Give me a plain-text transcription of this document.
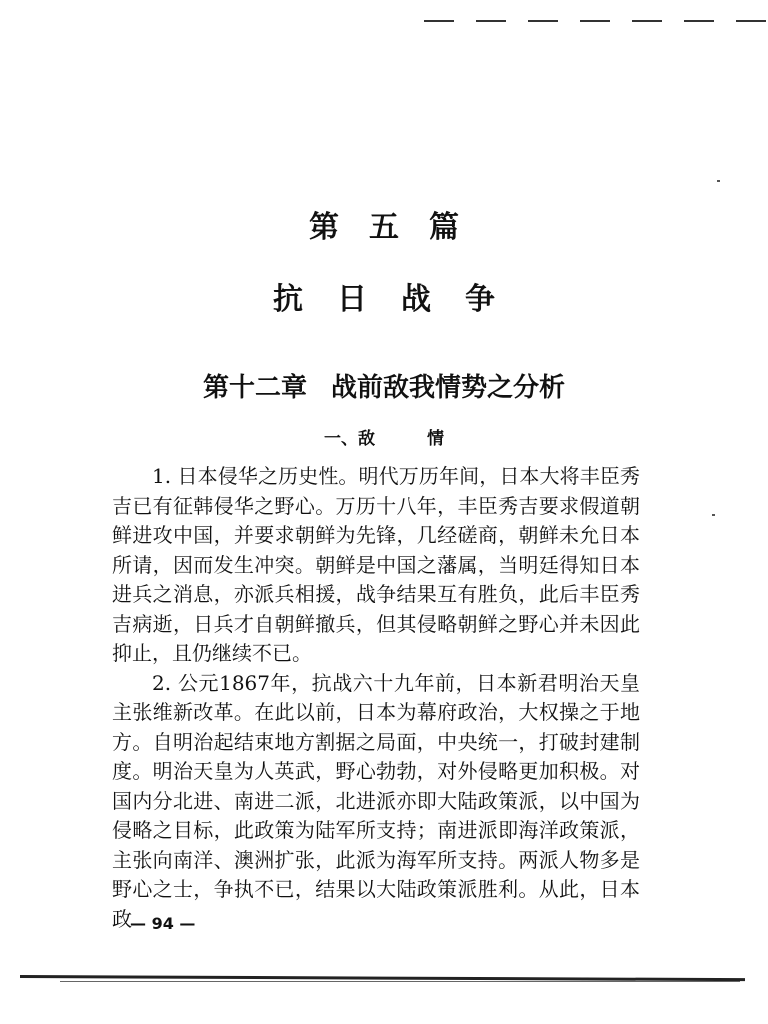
第五篇
抗日战争
第十二章 战前敌我情势之分析
一、敌	情

1. 日本侵华之历史性。明代万历年间，日本大将丰臣秀吉已有征韩侵华之野心。万历十八年，丰臣秀吉要求假道朝鲜进攻中国，并要求朝鲜为先锋，几经磋商，朝鲜未允日本所请，因而发生冲突。朝鲜是中国之藩属，当明廷得知日本进兵之消息，亦派兵相援，战争结果互有胜负，此后丰臣秀吉病逝，日兵才自朝鲜撤兵，但其侵略朝鲜之野心并未因此抑止，且仍继续不已。

2. 公元1867年，抗战六十九年前，日本新君明治天皇主张维新改革。在此以前，日本为幕府政治，大权操之于地方。自明治起结束地方割据之局面，中央统一，打破封建制度。明治天皇为人英武，野心勃勃，对外侵略更加积极。对国内分北进、南进二派，北进派亦即大陆政策派，以中国为侵略之目标，此政策为陆军所支持；南进派即海洋政策派，主张向南洋、澳洲扩张，此派为海军所支持。两派人物多是野心之士，争执不已，结果以大陆政策派胜利。从此，日本政

— 94 —
